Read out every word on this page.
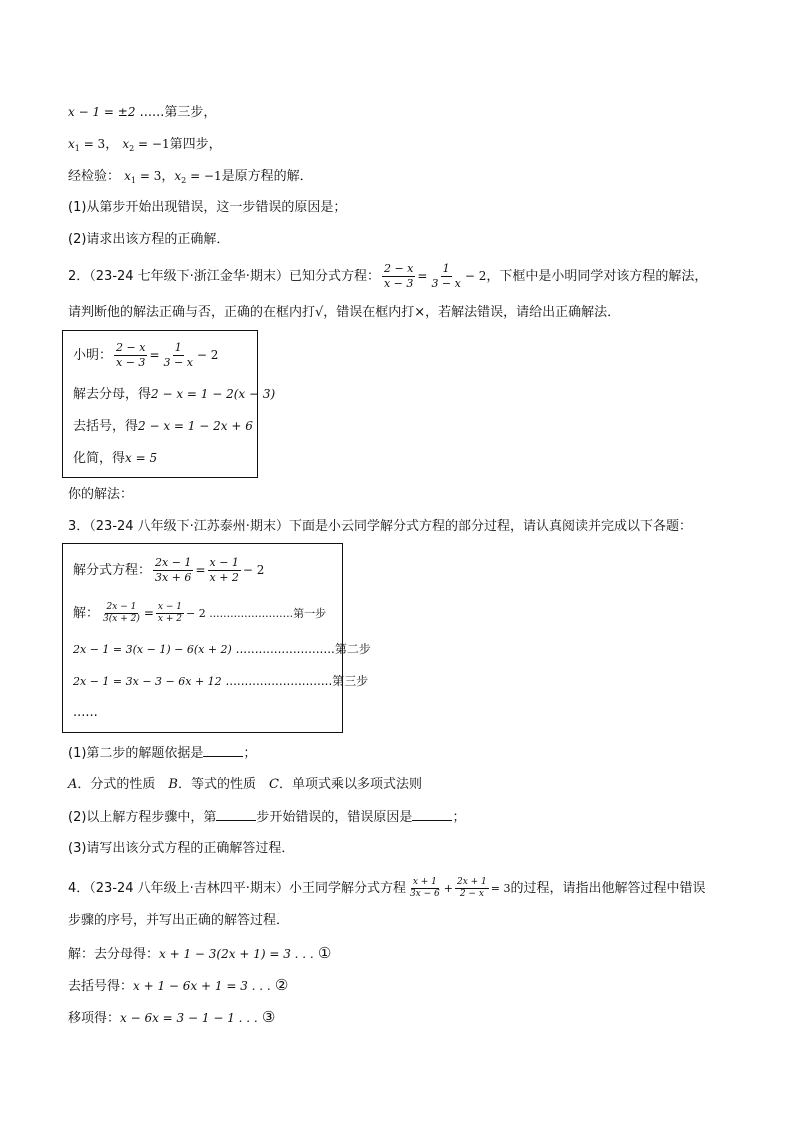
x − 1 = ±2 ......第三步，
$x_1 = 3$， $x_2 = -1$第四步，
经检验： $x_1 = 3$，$x_2 = -1$是原方程的解．
(1)从第步开始出现错误，这一步错误的原因是；
(2)请求出该方程的正确解．
2．（23-24 七年级下·浙江金华·期末）已知分式方程： $\frac{2 - x}{x - 3} = \frac{1}{3 - x} - 2$，下框中是小明同学对该方程的解法，
请判断他的解法正确与否，正确的在框内打√，错误在框内打×，若解法错误，请给出正确解法．
小明： $\frac{2 - x}{x - 3} = \frac{1}{3 - x} - 2$
解去分母，得2 − x = 1 − 2(x − 3)
去括号，得2 − x = 1 − 2x + 6
化简，得x = 5
你的解法：
3．（23-24 八年级下·江苏泰州·期末）下面是小云同学解分式方程的部分过程，请认真阅读并完成以下各题：
解分式方程： $\frac{2x - 1}{3x + 6} = \frac{x - 1}{x + 2} - 2$
解： $\frac{2x - 1}{3(x + 2)} = \frac{x - 1}{x + 2} - 2$ ........................第一步
2x − 1 = 3(x − 1) − 6(x + 2) ..........................第二步
2x − 1 = 3x − 3 − 6x + 12 ............................第三步
......
(1)第二步的解题依据是	；
A．分式的性质　B．等式的性质　C．单项式乘以多项式法则
(2)以上解方程步骤中，第	步开始错误的，错误原因是	；
(3)请写出该分式方程的正确解答过程．
4．（23-24 八年级上·吉林四平·期末）小王同学解分式方程 $\frac{x + 1}{3x - 6} + \frac{2x + 1}{2 - x} = 3$的过程，请指出他解答过程中错误
步骤的序号，并写出正确的解答过程．
解：去分母得：x + 1 − 3(2x + 1) = 3 . . . ①
去括号得：x + 1 − 6x + 1 = 3 . . . ②
移项得：x − 6x = 3 − 1 − 1 . . . ③
